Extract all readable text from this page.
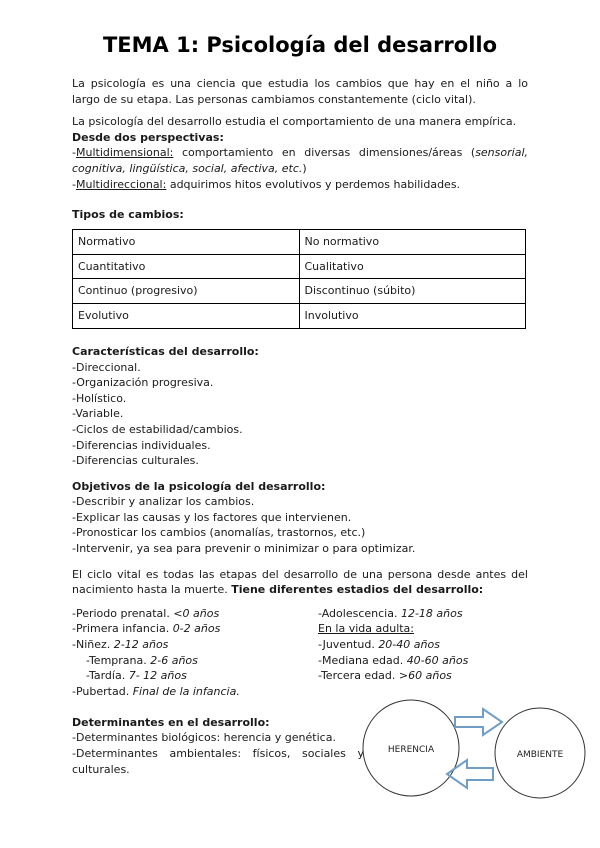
TEMA 1: Psicología del desarrollo

La psicología es una ciencia que estudia los cambios que hay en el niño a lo
largo de su etapa. Las personas cambiamos constantemente (ciclo vital).

La psicología del desarrollo estudia el comportamiento de una manera empírica.
Desde dos perspectivas:
-Multidimensional: comportamiento en diversas dimensiones/áreas (sensorial,
cognitiva, lingüística, social, afectiva, etc.)
-Multidireccional: adquirimos hitos evolutivos y perdemos habilidades.

Tipos de cambios:
Normativo	No normativo
Cuantitativo	Cualitativo
Continuo (progresivo)	Discontinuo (súbito)
Evolutivo	Involutivo
Características del desarrollo:
-Direccional.
-Organización progresiva.
-Holístico.
-Variable.
-Ciclos de estabilidad/cambios.
-Diferencias individuales.
-Diferencias culturales.
Objetivos de la psicología del desarrollo:
-Describir y analizar los cambios.
-Explicar las causas y los factores que intervienen.
-Pronosticar los cambios (anomalías, trastornos, etc.)
-Intervenir, ya sea para prevenir o minimizar o para optimizar.

El ciclo vital es todas las etapas del desarrollo de una persona desde antes del
nacimiento hasta la muerte. Tiene diferentes estadios del desarrollo:

-Periodo prenatal. <0 años
-Primera infancia. 0-2 años
-Niñez. 2-12 años
-Temprana. 2-6 años
-Tardía. 7- 12 años
-Pubertad. Final de la infancia.
-Adolescencia. 12-18 años
En la vida adulta:
-Juventud. 20-40 años
-Mediana edad. 40-60 años
-Tercera edad. >60 años
Determinantes en el desarrollo:
-Determinantes biológicos: herencia y genética.
-Determinantes ambientales: físicos, sociales y
culturales.
HERENCIA	AMBIENTE
